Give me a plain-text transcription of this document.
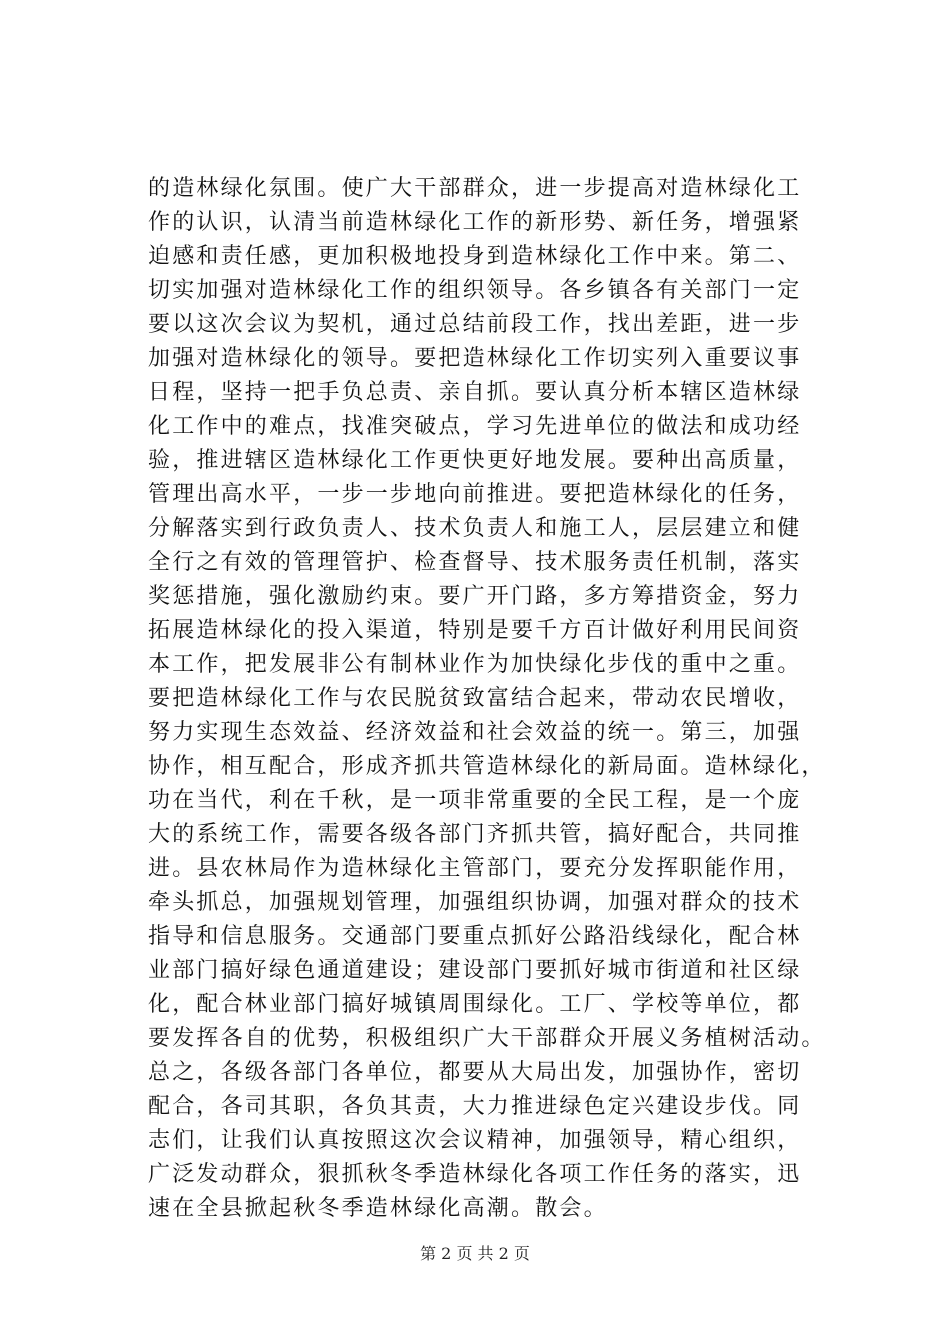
的造林绿化氛围。使广大干部群众，进一步提高对造林绿化工
作的认识，认清当前造林绿化工作的新形势、新任务，增强紧
迫感和责任感，更加积极地投身到造林绿化工作中来。第二、
切实加强对造林绿化工作的组织领导。各乡镇各有关部门一定
要以这次会议为契机，通过总结前段工作，找出差距，进一步
加强对造林绿化的领导。要把造林绿化工作切实列入重要议事
日程，坚持一把手负总责、亲自抓。要认真分析本辖区造林绿
化工作中的难点，找准突破点，学习先进单位的做法和成功经
验，推进辖区造林绿化工作更快更好地发展。要种出高质量，
管理出高水平，一步一步地向前推进。要把造林绿化的任务，
分解落实到行政负责人、技术负责人和施工人，层层建立和健
全行之有效的管理管护、检查督导、技术服务责任机制，落实
奖惩措施，强化激励约束。要广开门路，多方筹措资金，努力
拓展造林绿化的投入渠道，特别是要千方百计做好利用民间资
本工作，把发展非公有制林业作为加快绿化步伐的重中之重。
要把造林绿化工作与农民脱贫致富结合起来，带动农民增收，
努力实现生态效益、经济效益和社会效益的统一。第三，加强
协作，相互配合，形成齐抓共管造林绿化的新局面。造林绿化，
功在当代，利在千秋，是一项非常重要的全民工程，是一个庞
大的系统工作，需要各级各部门齐抓共管，搞好配合，共同推
进。县农林局作为造林绿化主管部门，要充分发挥职能作用，
牵头抓总，加强规划管理，加强组织协调，加强对群众的技术
指导和信息服务。交通部门要重点抓好公路沿线绿化，配合林
业部门搞好绿色通道建设；建设部门要抓好城市街道和社区绿
化，配合林业部门搞好城镇周围绿化。工厂、学校等单位，都
要发挥各自的优势，积极组织广大干部群众开展义务植树活动。
总之，各级各部门各单位，都要从大局出发，加强协作，密切
配合，各司其职，各负其责，大力推进绿色定兴建设步伐。同
志们，让我们认真按照这次会议精神，加强领导，精心组织，
广泛发动群众，狠抓秋冬季造林绿化各项工作任务的落实，迅
速在全县掀起秋冬季造林绿化高潮。散会。
第 2 页 共 2 页
